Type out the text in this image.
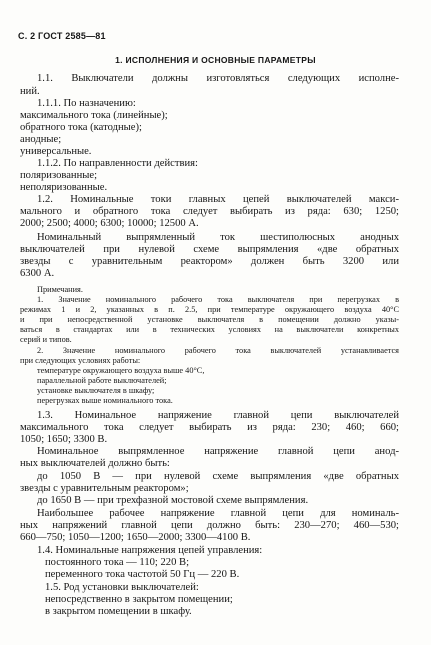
С. 2 ГОСТ 2585—81
1. ИСПОЛНЕНИЯ И ОСНОВНЫЕ ПАРАМЕТРЫ
1.1. Выключатели должны изготовляться следующих исполне-
ний.
1.1.1. По назначению:
максимального тока (линейные);
обратного тока (катодные);
анодные;
универсальные.
1.1.2. По направленности действия:
поляризованные;
неполяризованные.
1.2. Номинальные токи главных цепей выключателей макси-
мального и обратного тока следует выбирать из ряда: 630; 1250;
2000; 2500; 4000; 6300; 10000; 12500 А.
Номинальный выпрямленный ток шестиполюсных анодных
выключателей при нулевой схеме выпрямления «две обратных
звезды с уравнительным реактором» должен быть 3200 или
6300 А.
Примечания.
1. Значение номинального рабочего тока выключателя при перегрузках в
режимах 1 и 2, указанных в п. 2.5, при температуре окружающего воздуха 40°С
и при непосредственной установке выключателя в помещении должно указы-
ваться в стандартах или в технических условиях на выключатели конкретных
серий и типов.
2. Значение номинального рабочего тока выключателей устанавливается
при следующих условиях работы:
температуре окружающего воздуха выше 40°С,
параллельной работе выключателей;
установке выключателя в шкафу;
перегрузках выше номинального тока.
1.3. Номинальное напряжение главной цепи выключателей
максимального тока следует выбирать из ряда: 230; 460; 660;
1050; 1650; 3300 В.
Номинальное выпрямленное напряжение главной цепи анод-
ных выключателей должно быть:
до 1050 В — при нулевой схеме выпрямления «две обратных
звезды с уравнительным реактором»;
до 1650 В — при трехфазной мостовой схеме выпрямления.
Наибольшее рабочее напряжение главной цепи для номиналь-
ных напряжений главной цепи должно быть: 230—270; 460—530;
660—750; 1050—1200; 1650—2000; 3300—4100 В.
1.4. Номинальные напряжения цепей управления:
постоянного тока — 110; 220 В;
переменного тока частотой 50 Гц — 220 В.
1.5. Род установки выключателей:
непосредственно в закрытом помещении;
в закрытом помещении в шкафу.
